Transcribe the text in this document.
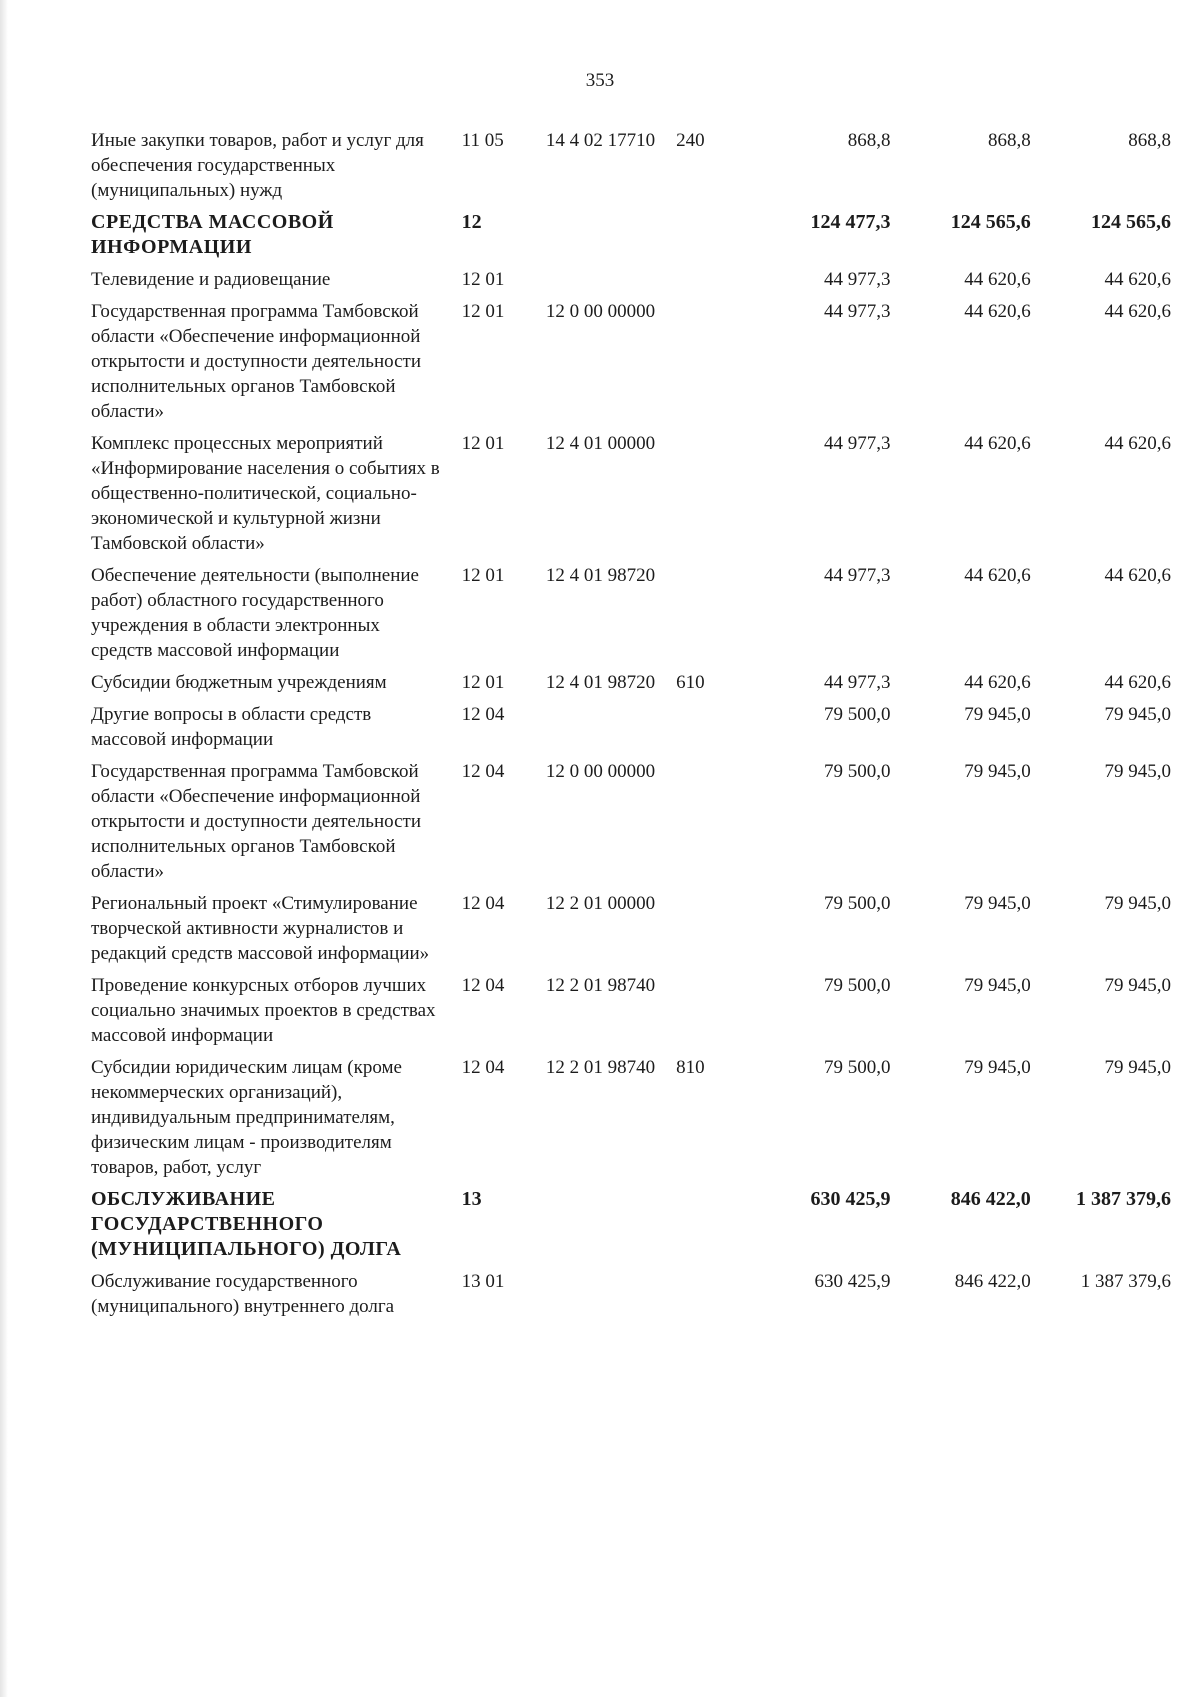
353
Иные закупки товаров, работ и услуг для обеспечения государственных (муниципальных) нужд	11 05	14 4 02 17710	240	868,8	868,8	868,8
СРЕДСТВА МАССОВОЙ ИНФОРМАЦИИ	12			124 477,3	124 565,6	124 565,6
Телевидение и радиовещание	12 01			44 977,3	44 620,6	44 620,6
Государственная программа Тамбовской области «Обеспечение информационной открытости и доступности деятельности исполнительных органов Тамбовской области»	12 01	12 0 00 00000		44 977,3	44 620,6	44 620,6
Комплекс процессных мероприятий «Информирование населения о событиях в общественно-политической, социально-экономической и культурной жизни Тамбовской области»	12 01	12 4 01 00000		44 977,3	44 620,6	44 620,6
Обеспечение деятельности (выполнение работ) областного государственного учреждения в области электронных средств массовой информации	12 01	12 4 01 98720		44 977,3	44 620,6	44 620,6
Субсидии бюджетным учреждениям	12 01	12 4 01 98720	610	44 977,3	44 620,6	44 620,6
Другие вопросы в области средств массовой информации	12 04			79 500,0	79 945,0	79 945,0
Государственная программа Тамбовской области «Обеспечение информационной открытости и доступности деятельности исполнительных органов Тамбовской области»	12 04	12 0 00 00000		79 500,0	79 945,0	79 945,0
Региональный проект «Стимулирование творческой активности журналистов и редакций средств массовой информации»	12 04	12 2 01 00000		79 500,0	79 945,0	79 945,0
Проведение конкурсных отборов лучших социально значимых проектов в средствах массовой информации	12 04	12 2 01 98740		79 500,0	79 945,0	79 945,0
Субсидии юридическим лицам (кроме некоммерческих организаций), индивидуальным предпринимателям, физическим лицам - производителям товаров, работ, услуг	12 04	12 2 01 98740	810	79 500,0	79 945,0	79 945,0
ОБСЛУЖИВАНИЕ ГОСУДАРСТВЕННОГО (МУНИЦИПАЛЬНОГО) ДОЛГА	13			630 425,9	846 422,0	1 387 379,6
Обслуживание государственного (муниципального) внутреннего долга	13 01			630 425,9	846 422,0	1 387 379,6
